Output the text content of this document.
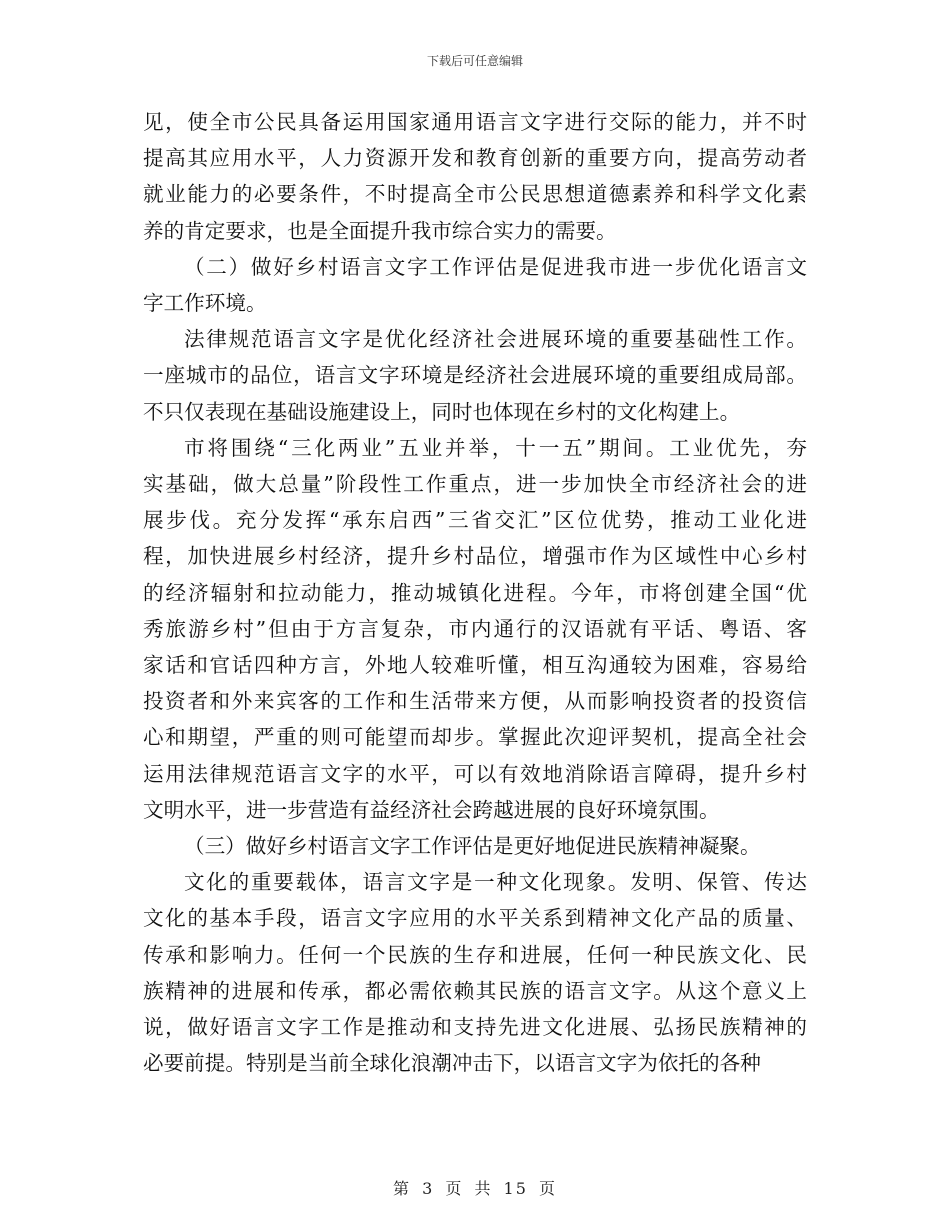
下载后可任意编辑

见，使全市公民具备运用国家通用语言文字进行交际的能力，并不时
提高其应用水平，人力资源开发和教育创新的重要方向，提高劳动者
就业能力的必要条件，不时提高全市公民思想道德素养和科学文化素
养的肯定要求，也是全面提升我市综合实力的需要。

（二）做好乡村语言文字工作评估是促进我市进一步优化语言文
字工作环境。

法律规范语言文字是优化经济社会进展环境的重要基础性工作。
一座城市的品位，语言文字环境是经济社会进展环境的重要组成局部。
不只仅表现在基础设施建设上，同时也体现在乡村的文化构建上。

市将围绕“三化两业”五业并举，十一五”期间。工业优先，夯
实基础，做大总量”阶段性工作重点，进一步加快全市经济社会的进
展步伐。充分发挥“承东启西”三省交汇”区位优势，推动工业化进
程，加快进展乡村经济，提升乡村品位，增强市作为区域性中心乡村
的经济辐射和拉动能力，推动城镇化进程。今年，市将创建全国“优
秀旅游乡村”但由于方言复杂，市内通行的汉语就有平话、粤语、客
家话和官话四种方言，外地人较难听懂，相互沟通较为困难，容易给
投资者和外来宾客的工作和生活带来方便，从而影响投资者的投资信
心和期望，严重的则可能望而却步。掌握此次迎评契机，提高全社会
运用法律规范语言文字的水平，可以有效地消除语言障碍，提升乡村
文明水平，进一步营造有益经济社会跨越进展的良好环境氛围。

（三）做好乡村语言文字工作评估是更好地促进民族精神凝聚。

文化的重要载体，语言文字是一种文化现象。发明、保管、传达
文化的基本手段，语言文字应用的水平关系到精神文化产品的质量、
传承和影响力。任何一个民族的生存和进展，任何一种民族文化、民
族精神的进展和传承，都必需依赖其民族的语言文字。从这个意义上
说，做好语言文字工作是推动和支持先进文化进展、弘扬民族精神的
必要前提。特别是当前全球化浪潮冲击下，以语言文字为依托的各种

第 3 页 共 15 页
